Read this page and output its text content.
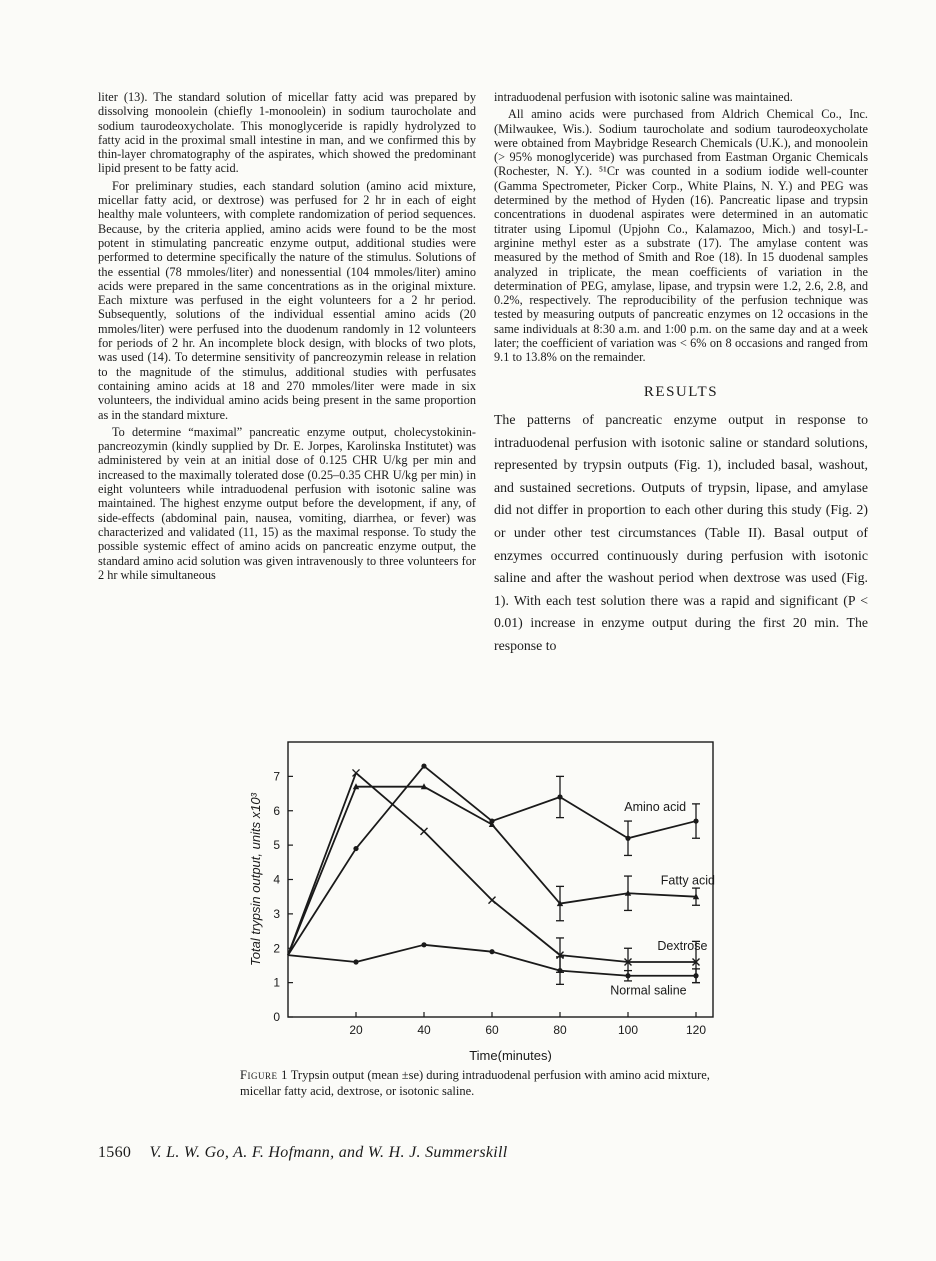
liter (13). The standard solution of micellar fatty acid was prepared by dissolving monoolein (chiefly 1-monoolein) in sodium taurocholate and sodium taurodeoxycholate. This monoglyceride is rapidly hydrolyzed to fatty acid in the proximal small intestine in man, and we confirmed this by thin-layer chromatography of the aspirates, which showed the predominant lipid present to be fatty acid.

For preliminary studies, each standard solution (amino acid mixture, micellar fatty acid, or dextrose) was perfused for 2 hr in each of eight healthy male volunteers, with complete randomization of period sequences. Because, by the criteria applied, amino acids were found to be the most potent in stimulating pancreatic enzyme output, additional studies were performed to determine specifically the nature of the stimulus. Solutions of the essential (78 mmoles/liter) and nonessential (104 mmoles/liter) amino acids were prepared in the same concentrations as in the original mixture. Each mixture was perfused in the eight volunteers for a 2 hr period. Subsequently, solutions of the individual essential amino acids (20 mmoles/liter) were perfused into the duodenum randomly in 12 volunteers for periods of 2 hr. An incomplete block design, with blocks of two plots, was used (14). To determine sensitivity of pancreozymin release in relation to the magnitude of the stimulus, additional studies with perfusates containing amino acids at 18 and 270 mmoles/liter were made in six volunteers, the individual amino acids being present in the same proportion as in the standard mixture.

To determine “maximal” pancreatic enzyme output, cholecystokinin-pancreozymin (kindly supplied by Dr. E. Jorpes, Karolinska Institutet) was administered by vein at an initial dose of 0.125 CHR U/kg per min and increased to the maximally tolerated dose (0.25–0.35 CHR U/kg per min) in eight volunteers while intraduodenal perfusion with isotonic saline was maintained. The highest enzyme output before the development, if any, of side-effects (abdominal pain, nausea, vomiting, diarrhea, or fever) was characterized and validated (11, 15) as the maximal response. To study the possible systemic effect of amino acids on pancreatic enzyme output, the standard amino acid solution was given intravenously to three volunteers for 2 hr while simultaneous

intraduodenal perfusion with isotonic saline was maintained.

All amino acids were purchased from Aldrich Chemical Co., Inc. (Milwaukee, Wis.). Sodium taurocholate and sodium taurodeoxycholate were obtained from Maybridge Research Chemicals (U.K.), and monoolein (> 95% monoglyceride) was purchased from Eastman Organic Chemicals (Rochester, N. Y.). ⁵¹Cr was counted in a sodium iodide well-counter (Gamma Spectrometer, Picker Corp., White Plains, N. Y.) and PEG was determined by the method of Hyden (16). Pancreatic lipase and trypsin concentrations in duodenal aspirates were determined in an automatic titrater using Lipomul (Upjohn Co., Kalamazoo, Mich.) and tosyl-L-arginine methyl ester as a substrate (17). The amylase content was measured by the method of Smith and Roe (18). In 15 duodenal samples analyzed in triplicate, the mean coefficients of variation in the determination of PEG, amylase, lipase, and trypsin were 1.2, 2.6, 2.8, and 0.2%, respectively. The reproducibility of the perfusion technique was tested by measuring outputs of pancreatic enzymes on 12 occasions in the same individuals at 8:30 a.m. and 1:00 p.m. on the same day and at a week later; the coefficient of variation was < 6% on 8 occasions and ranged from 9.1 to 13.8% on the remainder.

RESULTS

The patterns of pancreatic enzyme output in response to intraduodenal perfusion with isotonic saline or standard solutions, represented by trypsin outputs (Fig. 1), included basal, washout, and sustained secretions. Outputs of trypsin, lipase, and amylase did not differ in proportion to each other during this study (Fig. 2) or under other test circumstances (Table II). Basal output of enzymes occurred continuously during perfusion with isotonic saline and after the washout period when dextrose was used (Fig. 1). With each test solution there was a rapid and significant (P < 0.01) increase in enzyme output during the first 20 min. The response to

0
1
2
3
4
5
6
7
20	40	60	80	100	120
Time(minutes)
Total trypsin output, units x10³	Amino acid
Fatty acid
Dextrose
Normal saline
Figure 1 Trypsin output (mean ±se) during intraduodenal perfusion with amino acid mixture, micellar fatty acid, dextrose, or isotonic saline.
1560 V. L. W. Go, A. F. Hofmann, and W. H. J. Summerskill
